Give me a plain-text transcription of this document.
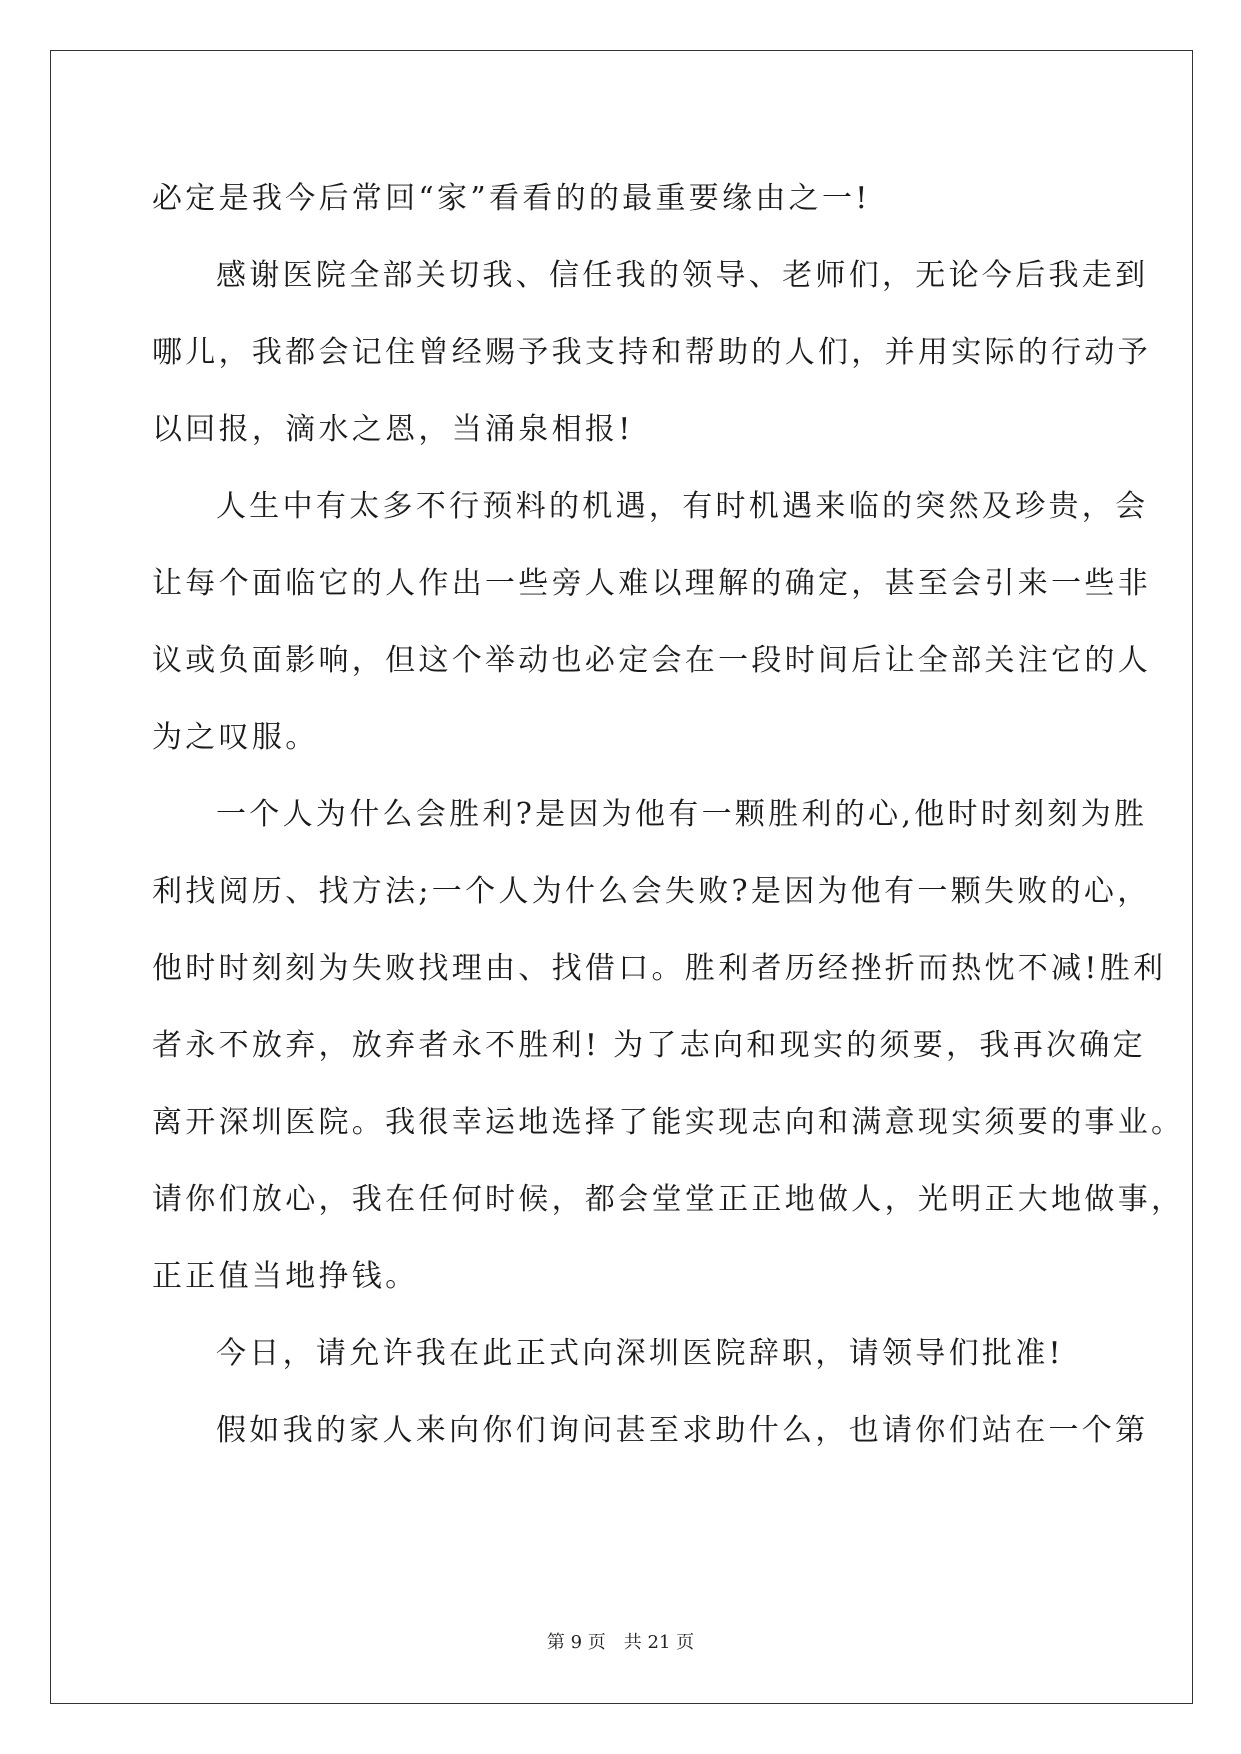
必定是我今后常回“家”看看的的最重要缘由之一!
感谢医院全部关切我、信任我的领导、老师们，无论今后我走到
哪儿，我都会记住曾经赐予我支持和帮助的人们，并用实际的行动予
以回报，滴水之恩，当涌泉相报!
人生中有太多不行预料的机遇，有时机遇来临的突然及珍贵，会
让每个面临它的人作出一些旁人难以理解的确定，甚至会引来一些非
议或负面影响，但这个举动也必定会在一段时间后让全部关注它的人
为之叹服。
一个人为什么会胜利?是因为他有一颗胜利的心,他时时刻刻为胜
利找阅历、找方法;一个人为什么会失败?是因为他有一颗失败的心，
他时时刻刻为失败找理由、找借口。胜利者历经挫折而热忱不减!胜利
者永不放弃，放弃者永不胜利! 为了志向和现实的须要，我再次确定
离开深圳医院。我很幸运地选择了能实现志向和满意现实须要的事业。
请你们放心，我在任何时候，都会堂堂正正地做人，光明正大地做事，
正正值当地挣钱。
今日，请允许我在此正式向深圳医院辞职，请领导们批准!
假如我的家人来向你们询问甚至求助什么，也请你们站在一个第
第 9 页　共 21 页
